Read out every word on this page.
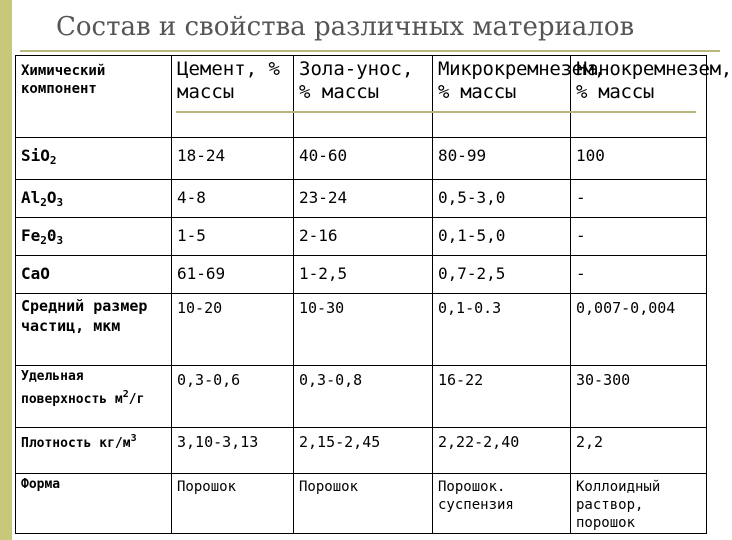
Состав и свойства различных материалов
Химический компонент	Цемент, % массы	Зола-унос, % массы	Микрокремнезем, % массы	Нанокремнезем, % массы
SiO$_2$	18-24	40-60	80-99	100
$Al_2O_3$	4-8	23-24	0,5-3,0	-
$Fe_20_3$	1-5	2-16	0,1-5,0	-
CaO	61-69	1-2,5	0,7-2,5	-
Средний размер частиц, мкм	10-20	10-30	0,1-0.3	0,007-0,004
Удельная поверхность $м^2/г$	0,3-0,6	0,3-0,8	16-22	30-300
Плотность $кг/м^3$	3,10-3,13	2,15-2,45	2,22-2,40	2,2
Форма	Порошок	Порошок	Порошок. суспензия	Коллоидный раствор, порошок
